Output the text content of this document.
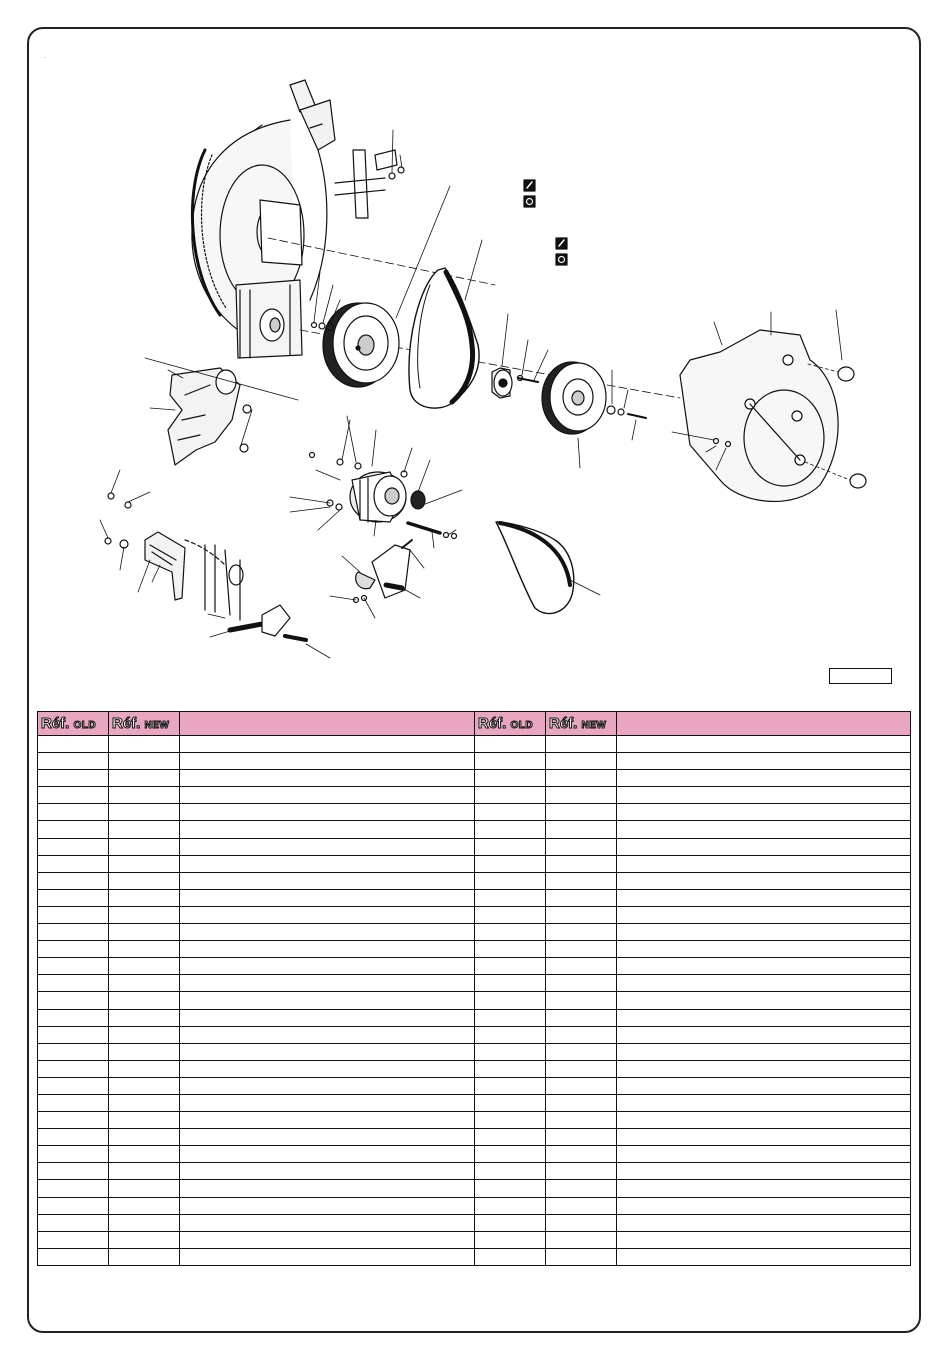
.
Réf. OLD	Réf. NEW		Réf. OLD	Réf. NEW	
